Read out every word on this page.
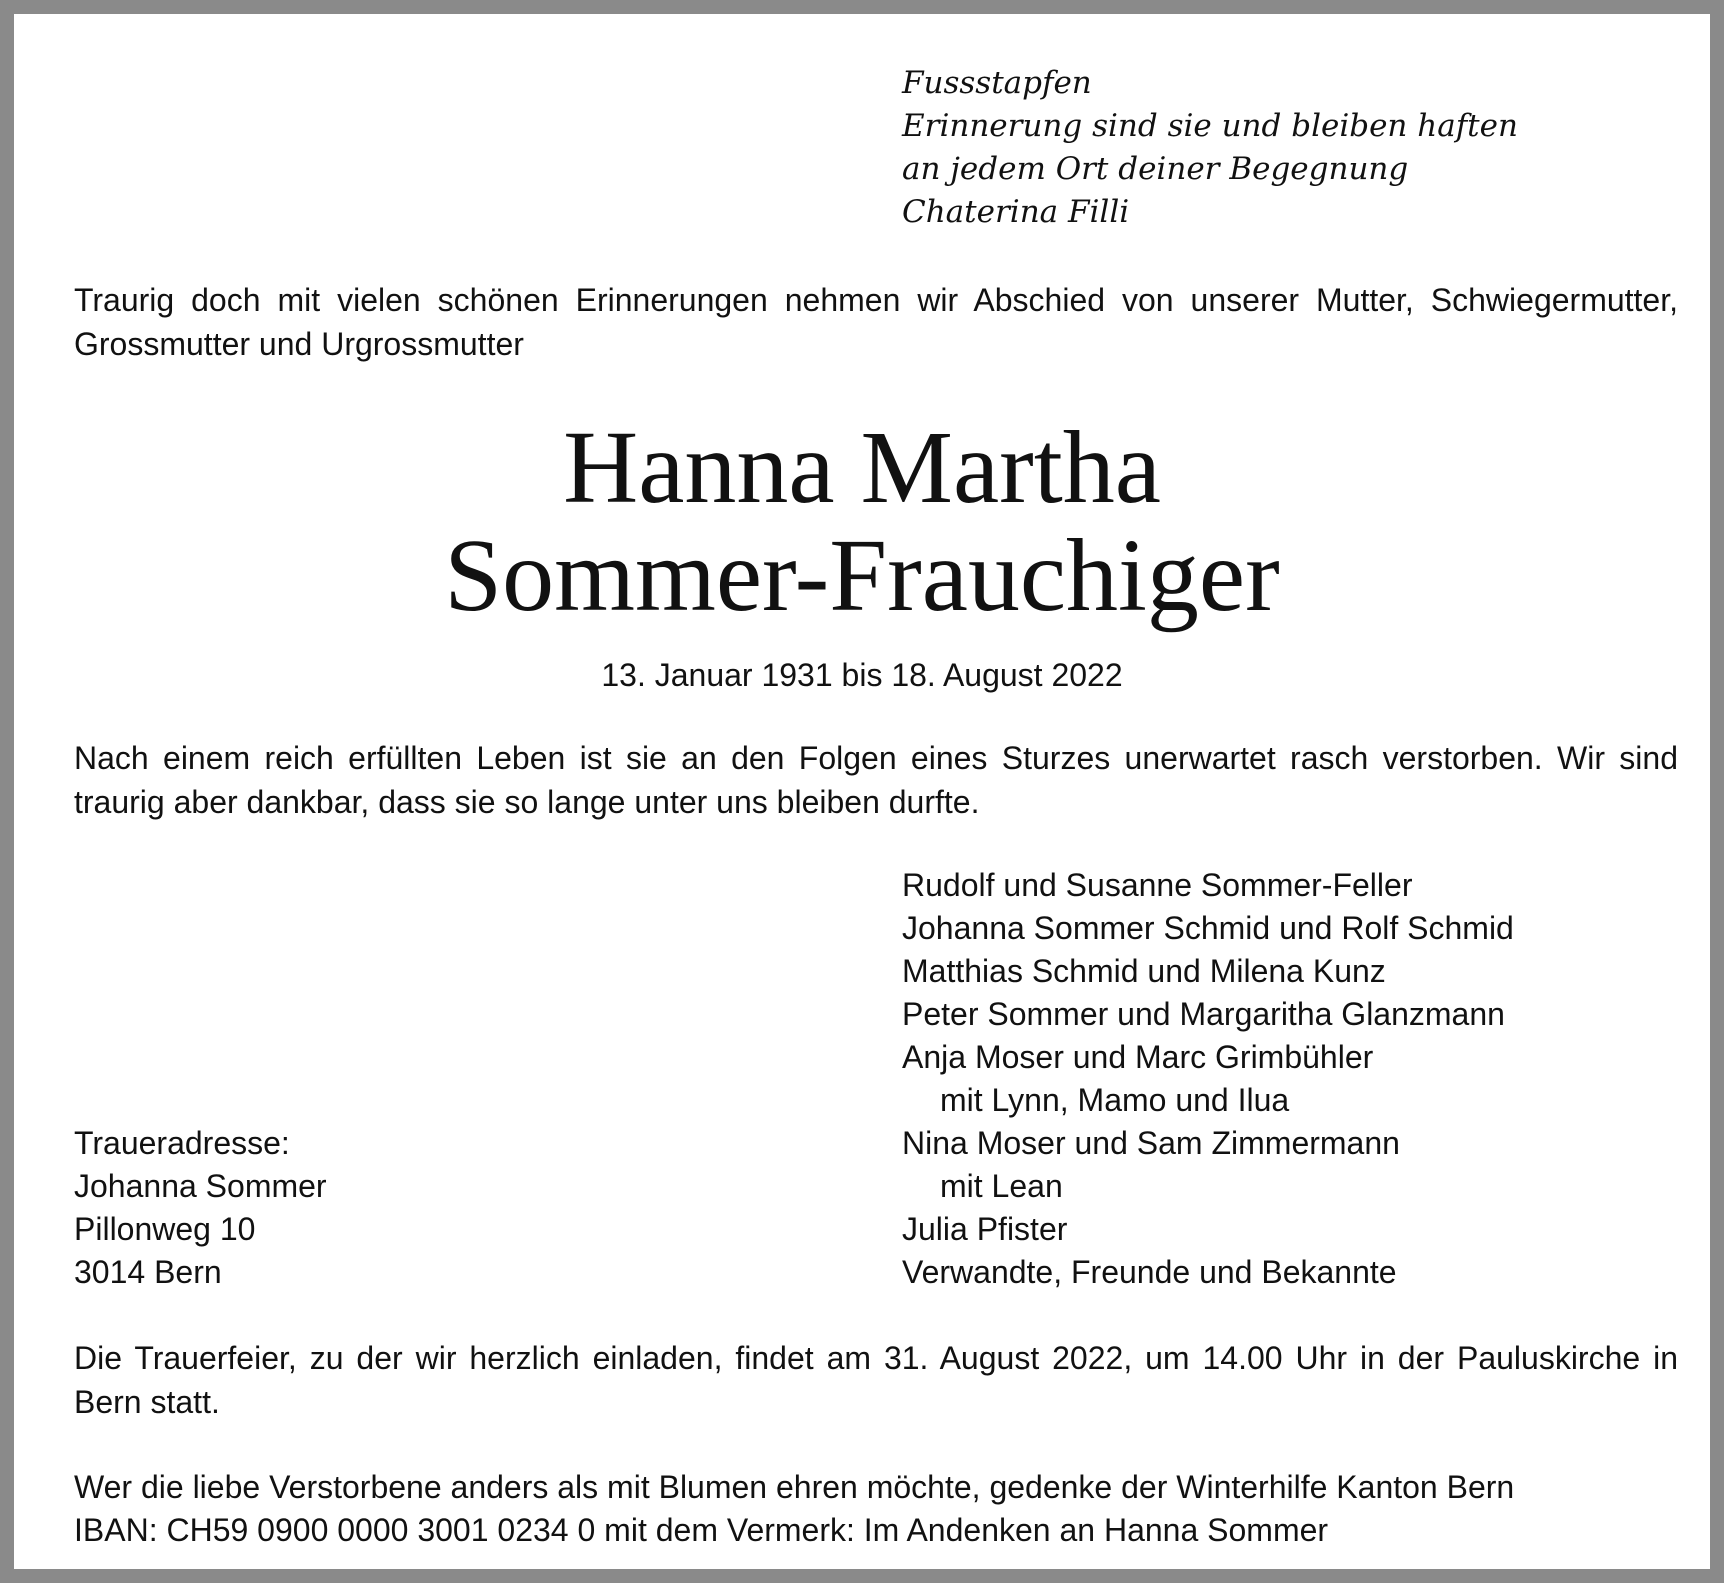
Fussstapfen
Erinnerung sind sie und bleiben haften
an jedem Ort deiner Begegnung
Chaterina Filli
Traurig doch mit vielen schönen Erinnerungen nehmen wir Abschied von unserer Mutter, Schwiegermutter, Grossmutter und Urgrossmutter
Hanna Martha
Sommer-Frauchiger
13. Januar 1931 bis 18. August 2022
Nach einem reich erfüllten Leben ist sie an den Folgen eines Sturzes unerwartet rasch verstorben. Wir sind traurig aber dankbar, dass sie so lange unter uns bleiben durfte.
Rudolf und Susanne Sommer-Feller
Johanna Sommer Schmid und Rolf Schmid
Matthias Schmid und Milena Kunz
Peter Sommer und Margaritha Glanzmann
Anja Moser und Marc Grimbühler
mit Lynn, Mamo und Ilua
Nina Moser und Sam Zimmermann
mit Lean
Julia Pfister
Verwandte, Freunde und Bekannte
Traueradresse:
Johanna Sommer
Pillonweg 10
3014 Bern
Die Trauerfeier, zu der wir herzlich einladen, findet am 31. August 2022, um 14.00 Uhr in der Pauluskirche in Bern statt.
Wer die liebe Verstorbene anders als mit Blumen ehren möchte, gedenke der Winterhilfe Kanton Bern
IBAN: CH59 0900 0000 3001 0234 0 mit dem Vermerk: Im Andenken an Hanna Sommer
